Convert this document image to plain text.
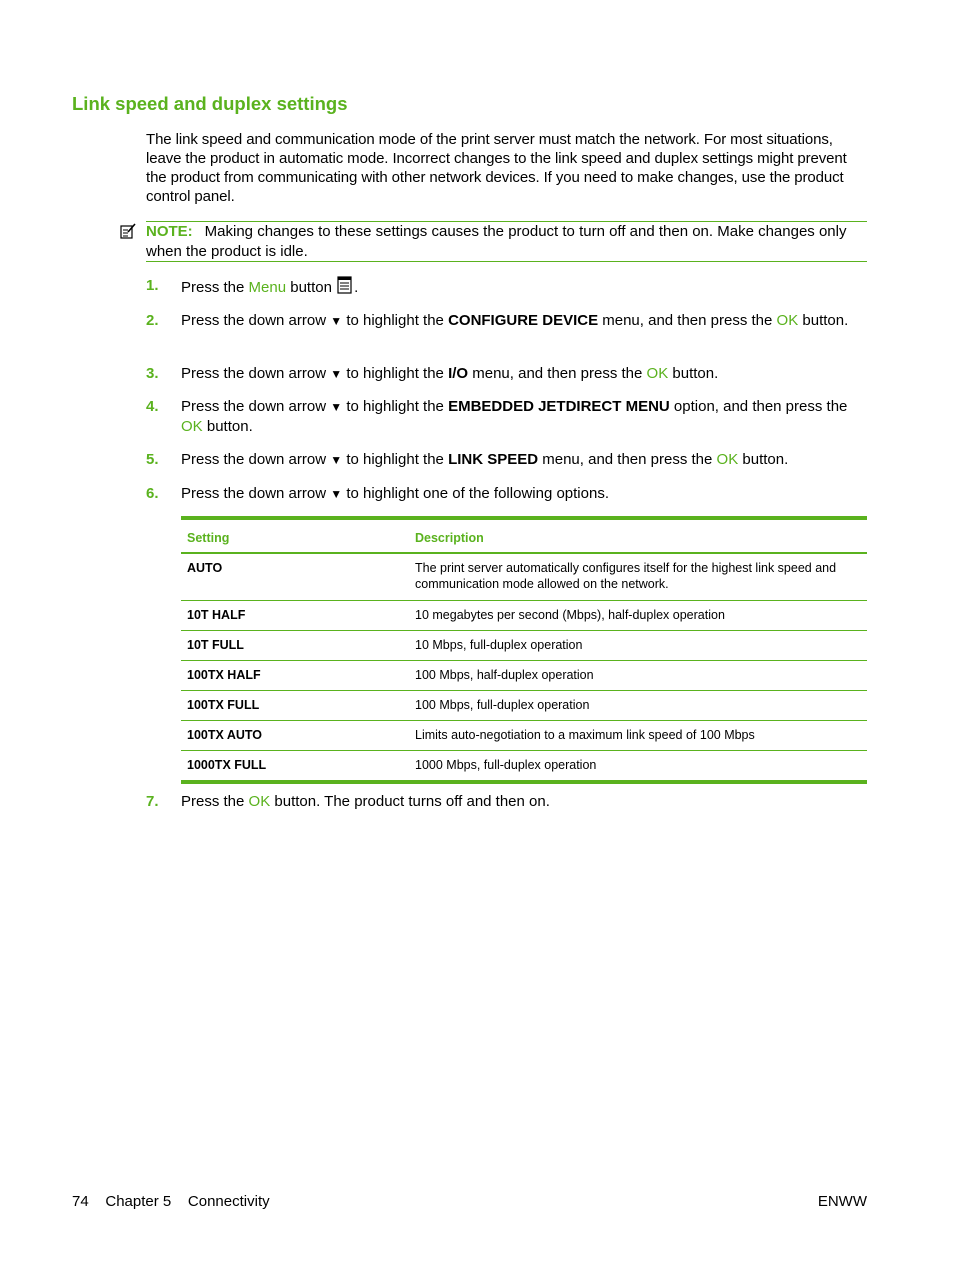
Link speed and duplex settings

The link speed and communication mode of the print server must match the network. For most situations, leave the product in automatic mode. Incorrect changes to the link speed and duplex settings might prevent the product from communicating with other network devices. If you need to make changes, use the product control panel.

NOTE: Making changes to these settings causes the product to turn off and then on. Make changes only when the product is idle.
1.	Press the Menu button .
2.	Press the down arrow ▼ to highlight the CONFIGURE DEVICE menu, and then press the OK button.
3.	Press the down arrow ▼ to highlight the I/O menu, and then press the OK button.
4.	Press the down arrow ▼ to highlight the EMBEDDED JETDIRECT MENU option, and then press the OK button.
5.	Press the down arrow ▼ to highlight the LINK SPEED menu, and then press the OK button.
6.	Press the down arrow ▼ to highlight one of the following options.
Setting	Description
AUTO	The print server automatically configures itself for the highest link speed and communication mode allowed on the network.
10T HALF	10 megabytes per second (Mbps), half-duplex operation
10T FULL	10 Mbps, full-duplex operation
100TX HALF	100 Mbps, half-duplex operation
100TX FULL	100 Mbps, full-duplex operation
100TX AUTO	Limits auto-negotiation to a maximum link speed of 100 Mbps
1000TX FULL	1000 Mbps, full-duplex operation
7.	Press the OK button. The product turns off and then on.
74 Chapter 5 Connectivity	ENWW
